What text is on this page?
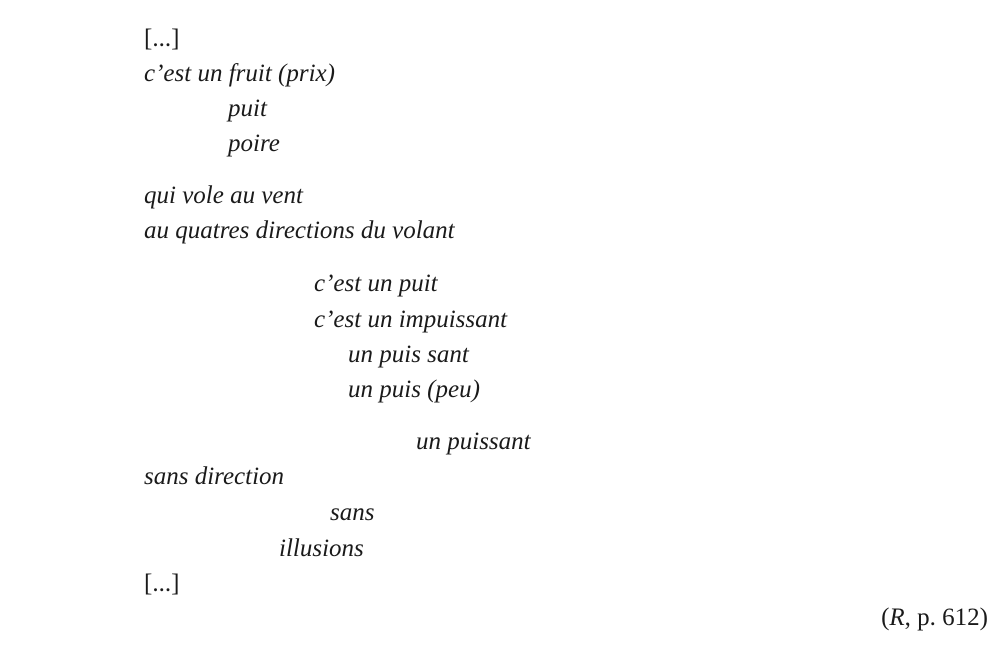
[...]
c’est un fruit (prix)
puit
poire
qui vole au vent
au quatres directions du volant
c’est un puit
c’est un impuissant
un puis sant
un puis (peu)
un puissant
sans direction
sans
illusions
[...]
(R, p. 612)
